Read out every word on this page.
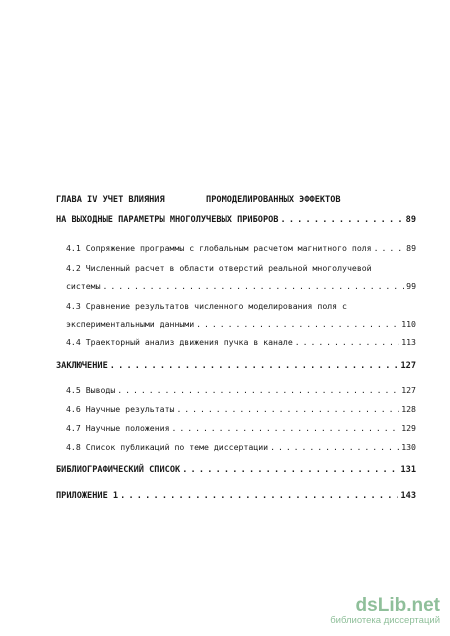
ГЛАВА IV УЧЕТ ВЛИЯНИЯ        ПРОМОДЕЛИРОВАННЫХ ЭФФЕКТОВ
НА ВЫХОДНЫЕ ПАРАМЕТРЫ МНОГОЛУЧЕВЫХ ПРИБОРОВ . . .	89
4.1 Сопряжение программы с глобальным расчетом магнитного поля . . .	89
4.2 Численный расчет в области отверстий реальной многолучевой
системы . . .	99
4.3 Сравнение результатов численного моделирования поля с
экспериментальными данными . . .	110
4.4 Траекторный анализ движения пучка в канале . . .	113
ЗАКЛЮЧЕНИЕ . . .	127
4.5 Выводы . . .	127
4.6 Научные результаты . . .	128
4.7 Научные положения . . .	129
4.8 Список публикаций по теме диссертации . . .	130
БИБЛИОГРАФИЧЕСКИЙ СПИСОК . . .	131
ПРИЛОЖЕНИЕ 1 . . .	143
dsLib.net
библиотека диссертаций
